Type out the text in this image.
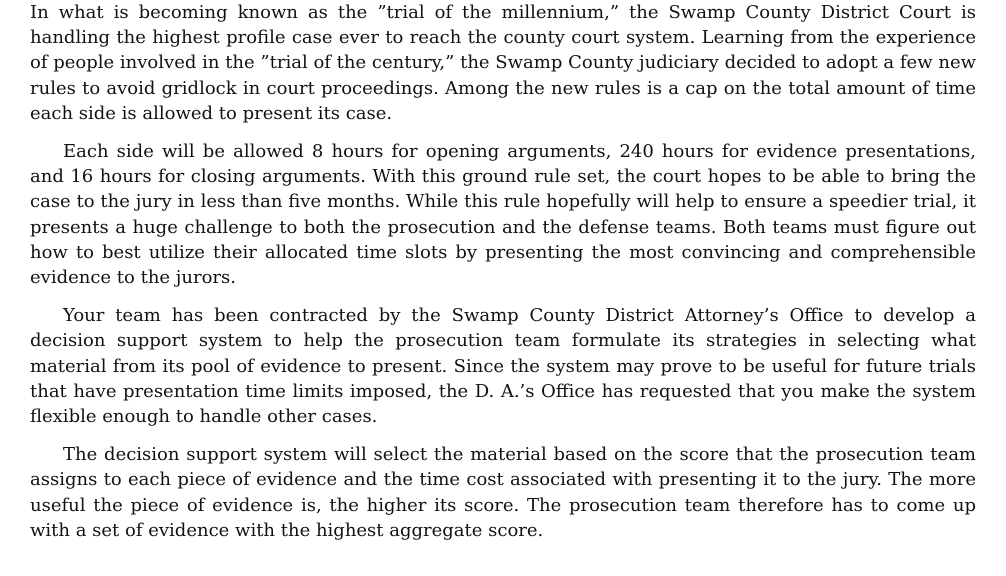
In what is becoming known as the ”trial of the millennium,” the Swamp County District Court is handling the highest profile case ever to reach the county court system. Learning from the experience of people involved in the ”trial of the century,” the Swamp County judiciary decided to adopt a few new rules to avoid gridlock in court proceedings. Among the new rules is a cap on the total amount of time each side is allowed to present its case.

Each side will be allowed 8 hours for opening arguments, 240 hours for evidence presentations, and 16 hours for closing arguments. With this ground rule set, the court hopes to be able to bring the case to the jury in less than five months. While this rule hopefully will help to ensure a speedier trial, it presents a huge challenge to both the prosecution and the defense teams. Both teams must figure out how to best utilize their allocated time slots by presenting the most convincing and comprehensible evidence to the jurors.

Your team has been contracted by the Swamp County District Attorney’s Office to develop a decision support system to help the prosecution team formulate its strategies in selecting what material from its pool of evidence to present. Since the system may prove to be useful for future trials that have presentation time limits imposed, the D. A.’s Office has requested that you make the system flexible enough to handle other cases.

The decision support system will select the material based on the score that the prosecution team assigns to each piece of evidence and the time cost associated with presenting it to the jury. The more useful the piece of evidence is, the higher its score. The prosecution team therefore has to come up with a set of evidence with the highest aggregate score.
